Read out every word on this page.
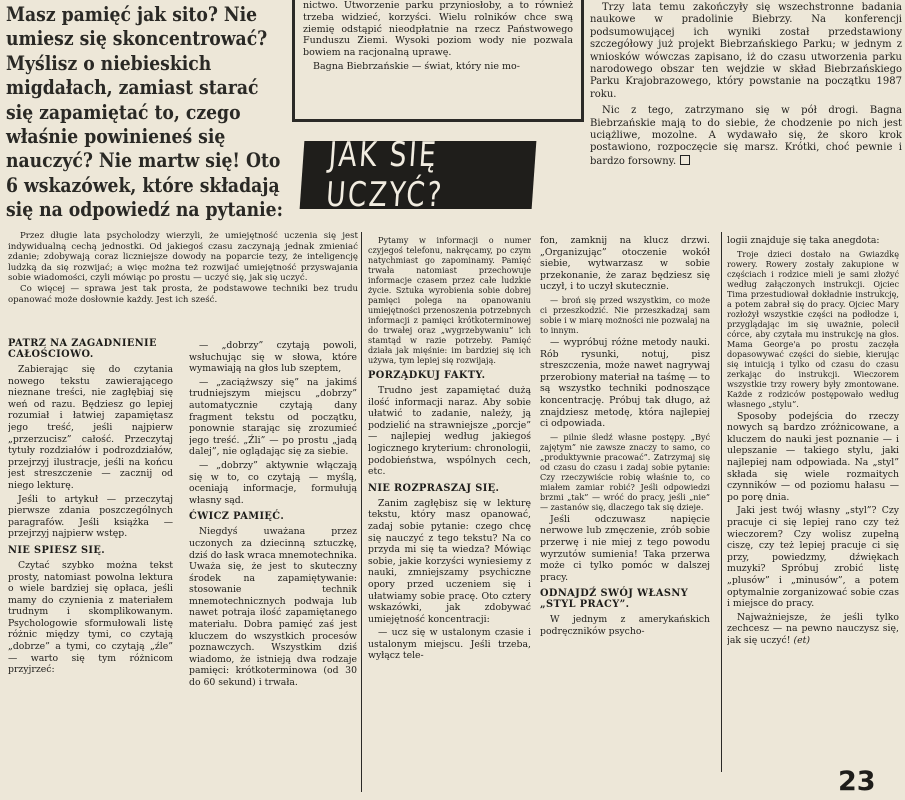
Masz pamięć jak sito? Nie umiesz się skoncentrować? Myślisz o niebieskich migdałach, zamiast starać się zapamiętać to, czego właśnie powinieneś się nauczyć? Nie martw się! Oto 6 wskazówek, które składają się na odpowiedź na pytanie:

nictwo. Utworzenie parku przyniosłoby, a to również trzeba widzieć, korzyści. Wielu rolników chce swą ziemię odstąpić nieodpłatnie na rzecz Państwowego Funduszu Ziemi. Wysoki poziom wody nie pozwala bowiem na racjonalną uprawę.

Bagna Biebrzańskie — świat, który nie mo-

Trzy lata temu zakończyły się wszechstronne badania naukowe w pradolinie Biebrzy. Na konferencji podsumowującej ich wyniki został przedstawiony szczegółowy już projekt Biebrzańskiego Parku; w jednym z wniosków wówczas zapisano, iż do czasu utworzenia parku narodowego obszar ten wejdzie w skład Biebrzańskiego Parku Krajobrazowego, który powstanie na początku 1987 roku.

Nic z tego, zatrzymano się w pół drogi. Bagna Biebrzańskie mają to do siebie, że chodzenie po nich jest uciążliwe, mozolne. A wydawało się, że skoro krok postawiono, rozpoczęcie się marsz. Krótki, choć pewnie i bardzo forsowny.

JAK SIĘ UCZYĆ?

Przez długie lata psycholodzy wierzyli, że umiejętność uczenia się jest indywidualną cechą jednostki. Od jakiegoś czasu zaczynają jednak zmieniać zdanie; zdobywają coraz liczniejsze dowody na poparcie tezy, że inteligencję ludzką da się rozwijać; a więc można też rozwijać umiejętność przyswajania sobie wiadomości, czyli mówiąc po prostu — uczyć się, jak się uczyć.

Co więcej — sprawa jest tak prosta, że podstawowe techniki bez trudu opanować może dosłownie każdy. Jest ich sześć.

PATRZ NA ZAGADNIENIE CAŁOŚCIOWO.

Zabierając się do czytania nowego tekstu zawierającego nieznane treści, nie zagłębiaj się weń od razu. Będziesz go lepiej rozumiał i łatwiej zapamiętasz jego treść, jeśli najpierw „przerzucisz” całość. Przeczytaj tytuły rozdziałów i podrozdziałów, przejrzyj ilustracje, jeśli na końcu jest streszczenie — zacznij od niego lekturę.

Jeśli to artykuł — przeczytaj pierwsze zdania poszczególnych paragrafów. Jeśli książka — przejrzyj najpierw wstęp.

NIE SPIESZ SIĘ.

Czytać szybko można tekst prosty, natomiast powolna lektura o wiele bardziej się opłaca, jeśli mamy do czynienia z materiałem trudnym i skomplikowanym. Psychologowie sformułowali listę różnic między tymi, co czytają „dobrze” a tymi, co czytają „źle” — warto się tym różnicom przyjrzeć:

— „dobrzy” czytają powoli, wsłuchując się w słowa, które wymawiają na głos lub szeptem,

— „zaciążwszy się” na jakimś trudniejszym miejscu „dobrzy” automatycznie czytają dany fragment tekstu od początku, ponownie starając się zrozumieć jego treść. „Źli” — po prostu „jadą dalej”, nie oglądając się za siebie.

— „dobrzy” aktywnie włączają się w to, co czytają — myślą, oceniają informacje, formułują własny sąd.

ĆWICZ PAMIĘĆ.

Niegdyś uważana przez uczonych za dziecinną sztuczkę, dziś do łask wraca mnemotechnika. Uważa się, że jest to skuteczny środek na zapamiętywanie: stosowanie technik mnemotechnicznych podwaja lub nawet potraja ilość zapamiętanego materiału. Dobra pamięć zaś jest kluczem do wszystkich procesów poznawczych. Wszystkim dziś wiadomo, że istnieją dwa rodzaje pamięci: krótkoterminowa (od 30 do 60 sekund) i trwała.

Pytamy w informacji o numer czyjegoś telefonu, nakręcamy, po czym natychmiast go zapominamy. Pamięć trwała natomiast przechowuje informacje czasem przez całe ludzkie życie. Sztuka wyrobienia sobie dobrej pamięci polega na opanowaniu umiejętności przenoszenia potrzebnych informacji z pamięci krótkoterminowej do trwałej oraz „wygrzebywaniu” ich stamtąd w razie potrzeby. Pamięć działa jak mięśnie: im bardziej się ich używa, tym lepiej się rozwijają.

PORZĄDKUJ FAKTY.

Trudno jest zapamiętać dużą ilość informacji naraz. Aby sobie ułatwić to zadanie, należy, ją podzielić na strawniejsze „porcje” — najlepiej według jakiegoś logicznego kryterium: chronologii, podobieństwa, wspólnych cech, etc.

NIE ROZPRASZAJ SIĘ.

Zanim zagłębisz się w lekturę tekstu, który masz opanować, zadaj sobie pytanie: czego chcę się nauczyć z tego tekstu? Na co przyda mi się ta wiedza? Mówiąc sobie, jakie korzyści wyniesiemy z nauki, zmniejszamy psychiczne opory przed uczeniem się i ułatwiamy sobie pracę. Oto cztery wskazówki, jak zdobywać umiejętność koncentracji:

— ucz się w ustalonym czasie i ustalonym miejscu. Jeśli trzeba, wyłącz tele-

fon, zamknij na klucz drzwi. „Organizując” otoczenie wokół siebie, wytwarzasz w sobie przekonanie, że zaraz będziesz się uczył, i to uczył skutecznie.

— broń się przed wszystkim, co może ci przeszkodzić. Nie przeszkadzaj sam sobie i w miarę możności nie pozwalaj na to innym.

— wypróbuj różne metody nauki. Rób rysunki, notuj, pisz streszczenia, może nawet nagrywaj przerobiony materiał na taśmę — to są wszystko techniki podnoszące koncentrację. Próbuj tak długo, aż znajdziesz metodę, która najlepiej ci odpowiada.

— pilnie śledź własne postępy. „Być zajętym” nie zawsze znaczy to samo, co „produktywnie pracować”. Zatrzymaj się od czasu do czasu i zadaj sobie pytanie: Czy rzeczywiście robię właśnie to, co miałem zamiar robić? Jeśli odpowiedzi brzmi „tak” — wróć do pracy, jeśli „nie” — zastanów się, dlaczego tak się dzieje.

Jeśli odczuwasz napięcie nerwowe lub zmęczenie, zrób sobie przerwę i nie miej z tego powodu wyrzutów sumienia! Taka przerwa może ci tylko pomóc w dalszej pracy.

ODNAJDŹ SWÓJ WŁASNY „STYL PRACY”.

W jednym z amerykańskich podręczników psycho-

logii znajduje się taka anegdota:

Troje dzieci dostało na Gwiazdkę rowery. Rowery zostały zakupione w częściach i rodzice mieli je sami złożyć według załączonych instrukcji. Ojciec Tima przestudiował dokładnie instrukcję, a potem zabrał się do pracy. Ojciec Mary rozłożył wszystkie części na podłodze i, przyglądając im się uważnie, polecił córce, aby czytała mu instrukcję na głos. Mama George'a po prostu zaczęła dopasowywać części do siebie, kierując się intuicją i tylko od czasu do czasu zerkając do instrukcji. Wieczorem wszystkie trzy rowery były zmontowane. Każde z rodziców postępowało według własnego „stylu”.

Sposoby podejścia do rzeczy nowych są bardzo zróżnicowane, a kluczem do nauki jest poznanie — i ulepszanie — takiego stylu, jaki najlepiej nam odpowiada. Na „styl” składa się wiele rozmaitych czynników — od poziomu hałasu — po porę dnia.

Jaki jest twój własny „styl”? Czy pracuje ci się lepiej rano czy też wieczorem? Czy wolisz zupełną ciszę, czy też lepiej pracuje ci się przy, powiedzmy, dźwiękach muzyki? Spróbuj zrobić listę „plusów” i „minusów”, a potem optymalnie zorganizować sobie czas i miejsce do pracy.

Najważniejsze, że jeśli tylko zechcesz — na pewno nauczysz się, jak się uczyć! (et)

23
